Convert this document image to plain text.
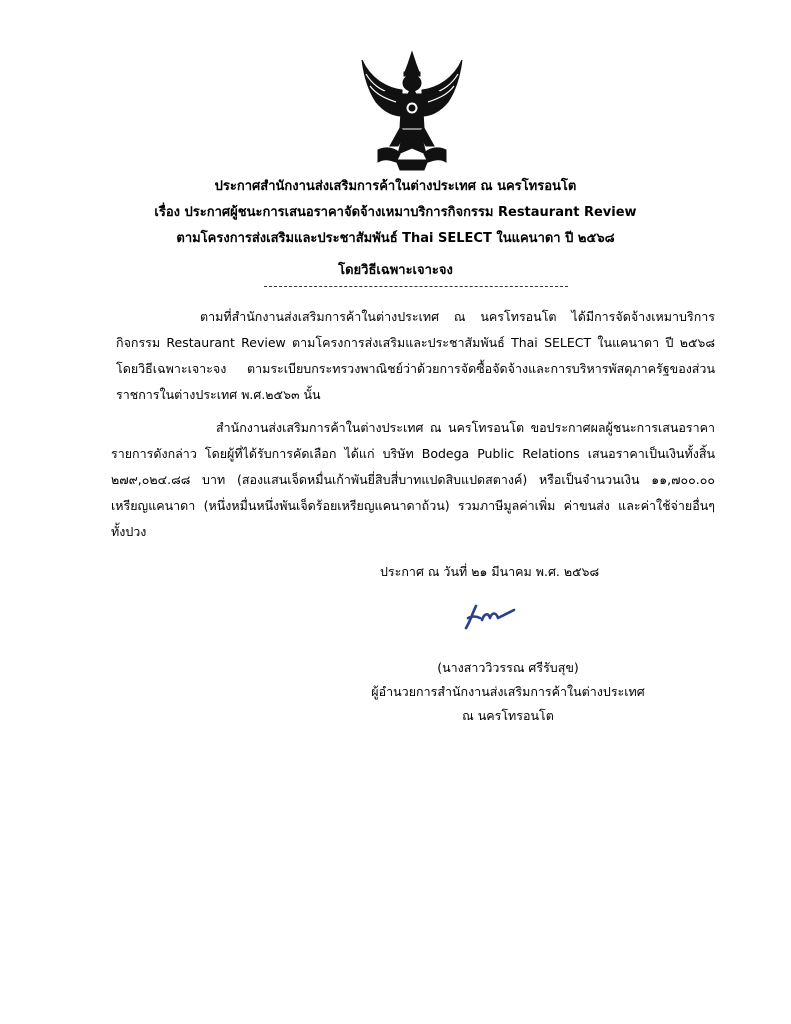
ประกาศสำนักงานส่งเสริมการค้าในต่างประเทศ ณ นครโทรอนโต
เรื่อง ประกาศผู้ชนะการเสนอราคาจัดจ้างเหมาบริการกิจกรรม Restaurant Review
ตามโครงการส่งเสริมและประชาสัมพันธ์ Thai SELECT ในแคนาดา ปี ๒๕๖๘
โดยวิธีเฉพาะเจาะจง
ตามที่สำนักงานส่งเสริมการค้าในต่างประเทศ ณ นครโทรอนโต ได้มีการจัดจ้างเหมาบริการ
กิจกรรม Restaurant Review ตามโครงการส่งเสริมและประชาสัมพันธ์ Thai SELECT ในแคนาดา ปี ๒๕๖๘
โดยวิธีเฉพาะเจาะจง ตามระเบียบกระทรวงพาณิชย์ว่าด้วยการจัดซื้อจัดจ้างและการบริหารพัสดุภาครัฐของส่วน
ราชการในต่างประเทศ พ.ศ.๒๕๖๓ นั้น
สำนักงานส่งเสริมการค้าในต่างประเทศ ณ นครโทรอนโต ขอประกาศผลผู้ชนะการเสนอราคา
รายการดังกล่าว โดยผู้ที่ได้รับการคัดเลือก ได้แก่ บริษัท Bodega Public Relations เสนอราคาเป็นเงินทั้งสิ้น
๒๗๙,๐๒๔.๘๘ บาท (สองแสนเจ็ดหมื่นเก้าพันยี่สิบสี่บาทแปดสิบแปดสตางค์) หรือเป็นจำนวนเงิน ๑๑,๗๐๐.๐๐
เหรียญแคนาดา (หนึ่งหมื่นหนึ่งพันเจ็ดร้อยเหรียญแคนาดาถ้วน) รวมภาษีมูลค่าเพิ่ม ค่าขนส่ง และค่าใช้จ่ายอื่นๆ
ทั้งปวง
ประกาศ ณ วันที่ ๒๑ มีนาคม พ.ศ. ๒๕๖๘
(นางสาววิวรรณ ศรีรับสุข)
ผู้อำนวยการสำนักงานส่งเสริมการค้าในต่างประเทศ
ณ นครโทรอนโต
